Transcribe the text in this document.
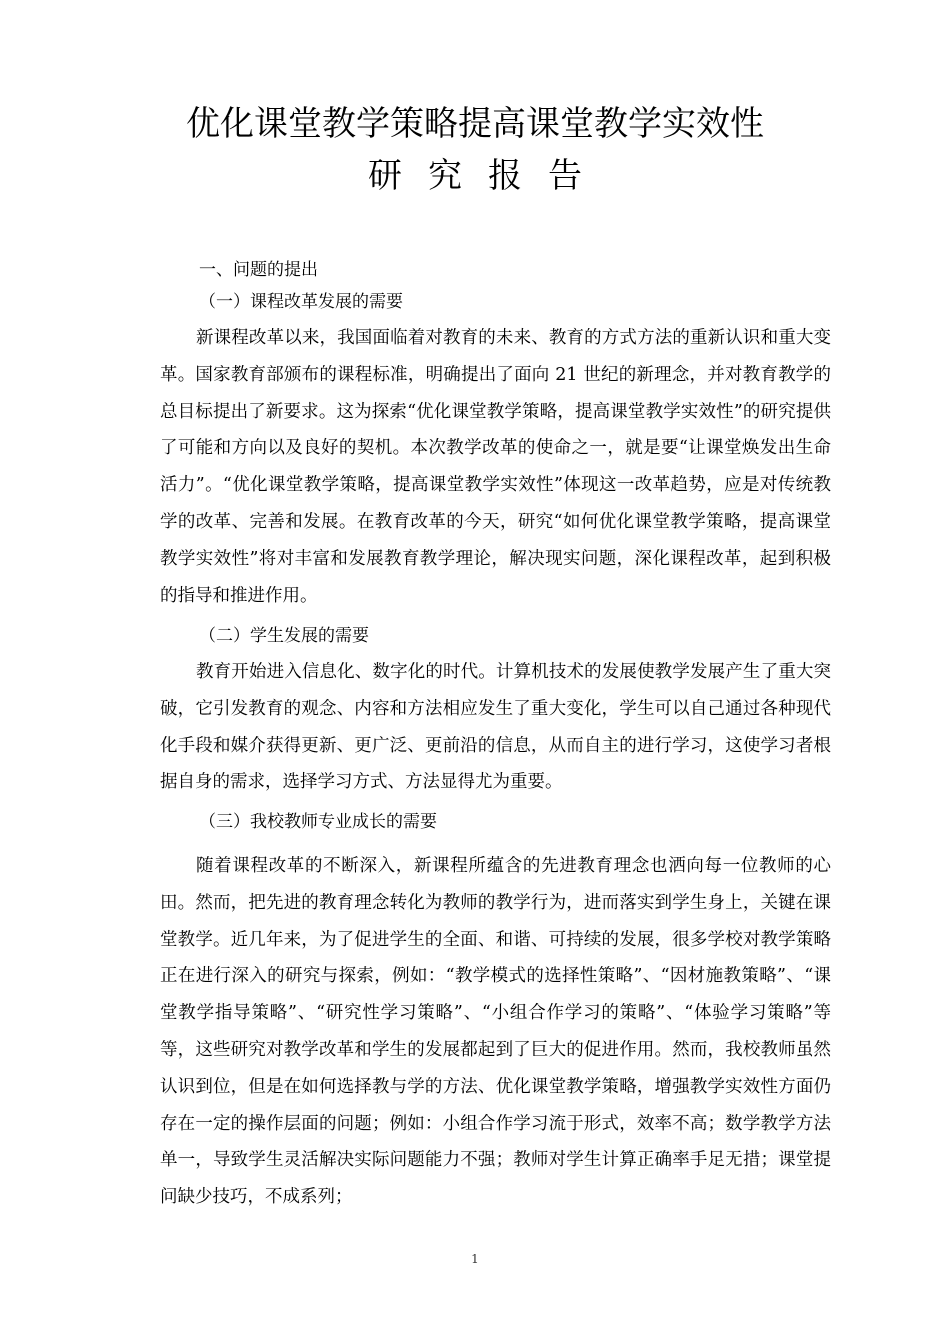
优化课堂教学策略提高课堂教学实效性
研究报告
一、问题的提出
（一）课程改革发展的需要
新课程改革以来，我国面临着对教育的未来、教育的方式方法的重新认识和重大变革。国家教育部颁布的课程标准，明确提出了面向 21 世纪的新理念，并对教育教学的总目标提出了新要求。这为探索“优化课堂教学策略，提高课堂教学实效性”的研究提供了可能和方向以及良好的契机。本次教学改革的使命之一，就是要“让课堂焕发出生命活力”。“优化课堂教学策略，提高课堂教学实效性”体现这一改革趋势，应是对传统教学的改革、完善和发展。在教育改革的今天，研究“如何优化课堂教学策略，提高课堂教学实效性”将对丰富和发展教育教学理论，解决现实问题，深化课程改革，起到积极的指导和推进作用。
（二）学生发展的需要
教育开始进入信息化、数字化的时代。计算机技术的发展使教学发展产生了重大突破，它引发教育的观念、内容和方法相应发生了重大变化，学生可以自己通过各种现代化手段和媒介获得更新、更广泛、更前沿的信息，从而自主的进行学习，这使学习者根据自身的需求，选择学习方式、方法显得尤为重要。
（三）我校教师专业成长的需要
随着课程改革的不断深入，新课程所蕴含的先进教育理念也洒向每一位教师的心田。然而，把先进的教育理念转化为教师的教学行为，进而落实到学生身上，关键在课堂教学。近几年来，为了促进学生的全面、和谐、可持续的发展，很多学校对教学策略正在进行深入的研究与探索，例如：“教学模式的选择性策略”、“因材施教策略”、“课堂教学指导策略”、“研究性学习策略”、“小组合作学习的策略”、“体验学习策略”等等，这些研究对教学改革和学生的发展都起到了巨大的促进作用。然而，我校教师虽然认识到位，但是在如何选择教与学的方法、优化课堂教学策略，增强教学实效性方面仍存在一定的操作层面的问题；例如：小组合作学习流于形式，效率不高；数学教学方法单一，导致学生灵活解决实际问题能力不强；教师对学生计算正确率手足无措；课堂提问缺少技巧，不成系列；
1
